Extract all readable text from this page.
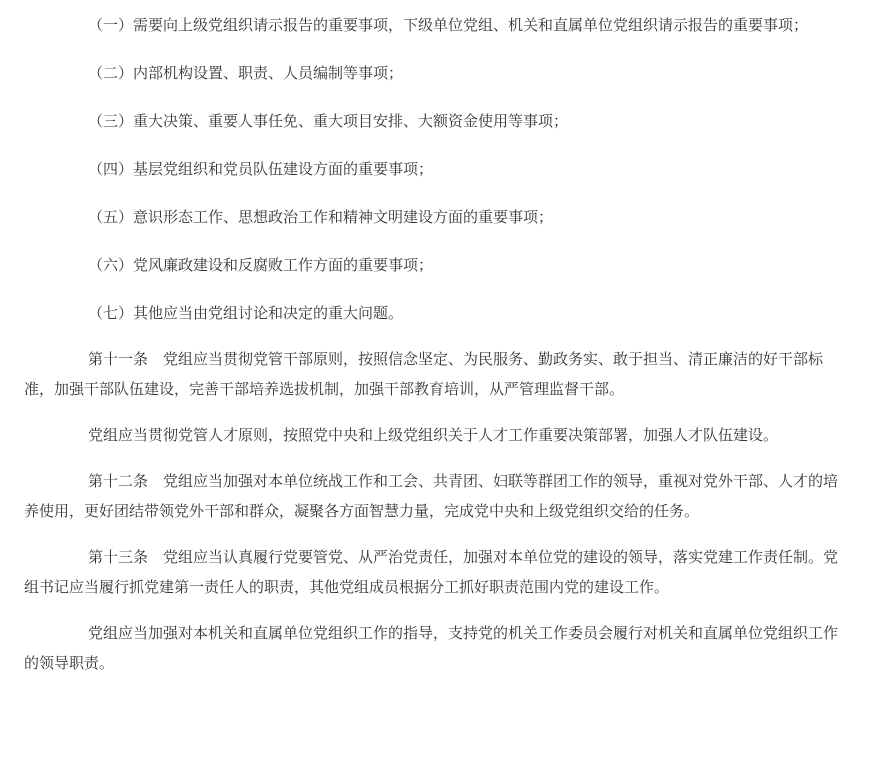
（一）需要向上级党组织请示报告的重要事项，下级单位党组、机关和直属单位党组织请示报告的重要事项；

（二）内部机构设置、职责、人员编制等事项；

（三）重大决策、重要人事任免、重大项目安排、大额资金使用等事项；

（四）基层党组织和党员队伍建设方面的重要事项；

（五）意识形态工作、思想政治工作和精神文明建设方面的重要事项；

（六）党风廉政建设和反腐败工作方面的重要事项；

（七）其他应当由党组讨论和决定的重大问题。

第十一条　党组应当贯彻党管干部原则，按照信念坚定、为民服务、勤政务实、敢于担当、清正廉洁的好干部标准，加强干部队伍建设，完善干部培养选拔机制，加强干部教育培训，从严管理监督干部。

党组应当贯彻党管人才原则，按照党中央和上级党组织关于人才工作重要决策部署，加强人才队伍建设。

第十二条　党组应当加强对本单位统战工作和工会、共青团、妇联等群团工作的领导，重视对党外干部、人才的培养使用，更好团结带领党外干部和群众，凝聚各方面智慧力量，完成党中央和上级党组织交给的任务。

第十三条　党组应当认真履行党要管党、从严治党责任，加强对本单位党的建设的领导，落实党建工作责任制。党组书记应当履行抓党建第一责任人的职责，其他党组成员根据分工抓好职责范围内党的建设工作。

党组应当加强对本机关和直属单位党组织工作的指导，支持党的机关工作委员会履行对机关和直属单位党组织工作的领导职责。
